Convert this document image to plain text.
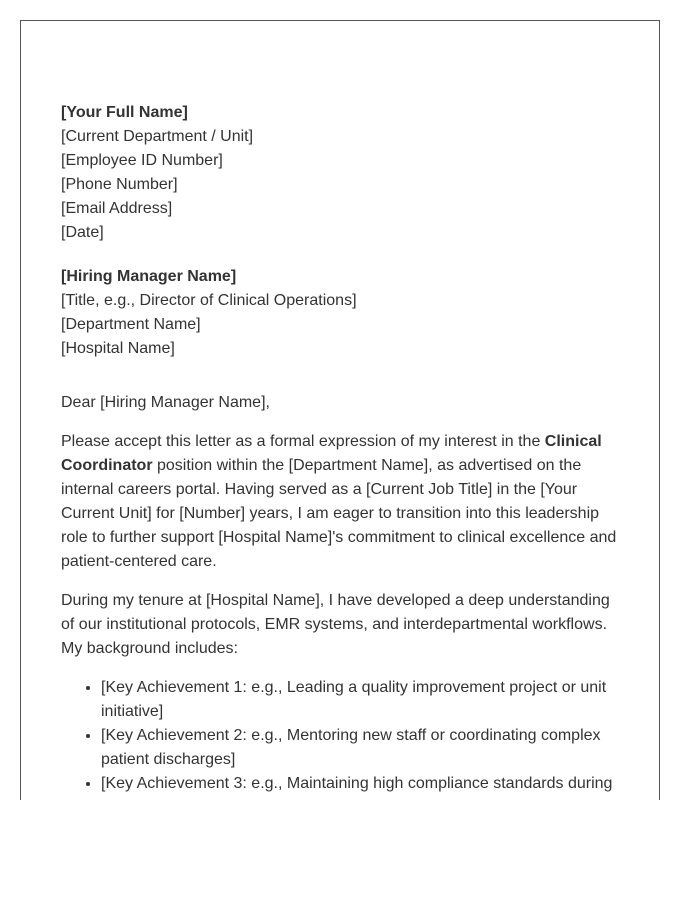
[Your Full Name]

[Current Department / Unit]

[Employee ID Number]

[Phone Number]

[Email Address]

[Date]

[Hiring Manager Name]

[Title, e.g., Director of Clinical Operations]

[Department Name]

[Hospital Name]

Dear [Hiring Manager Name],

Please accept this letter as a formal expression of my interest in the Clinical Coordinator position within the [Department Name], as advertised on the internal careers portal. Having served as a [Current Job Title] in the [Your Current Unit] for [Number] years, I am eager to transition into this leadership role to further support [Hospital Name]'s commitment to clinical excellence and patient-centered care.

During my tenure at [Hospital Name], I have developed a deep understanding of our institutional protocols, EMR systems, and interdepartmental workflows. My background includes:

• [Key Achievement 1: e.g., Leading a quality improvement project or unit initiative]
• [Key Achievement 2: e.g., Mentoring new staff or coordinating complex patient discharges]
• [Key Achievement 3: e.g., Maintaining high compliance standards during
